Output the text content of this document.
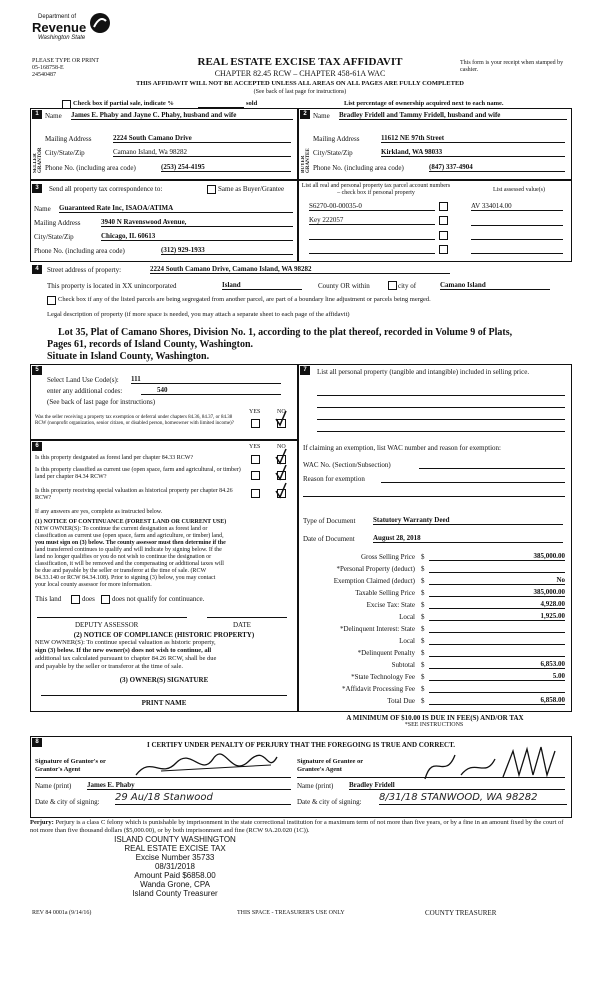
Department of
Revenue
Washington State
PLEASE TYPE OR PRINT
05-168758-E
24540487
REAL ESTATE EXCISE TAX AFFIDAVIT
CHAPTER 82.45 RCW – CHAPTER 458-61A WAC
This form is your receipt when stamped by cashier.
THIS AFFIDAVIT WILL NOT BE ACCEPTED UNLESS ALL AREAS ON ALL PAGES ARE FULLY COMPLETED
(See back of last page for instructions)
Check box if partial sale, indicate %	sold	List percentage of ownership acquired next to each name.
1
SELLER GRANTOR
Name James E. Phaby and Jayne C. Phaby, husband and wife
Mailing Address	2224 South Camano Drive
City/State/Zip	Camano Island, Wa 98282
Phone No. (including area code)	(253) 254-4195
2
BUYER GRANTEE
Name Bradley Fridell and Tammy Fridell, husband and wife
Mailing Address	11612 NE 97th Street
City/State/Zip	Kirkland, WA 98033
Phone No. (including area code)	(847) 337-4904
3	Send all property tax correspondence to:	Same as Buyer/Grantee
Name Guaranteed Rate Inc, ISAOA/ATIMA
Mailing Address	3940 N Ravenswood Avenue,
City/State/Zip	Chicago, IL 60613
Phone No. (including area code)	(312) 929-1933
List all real and personal property tax parcel account numbers – check box if personal property	List assessed value(s)
S6270-00-00035-0	AV 334014.00
Key 222057
4	Street address of property:	2224 South Camano Drive, Camano Island, WA 98282
This property is located in XX unincorporated	Island	County OR within	city of	Camano Island
Check box if any of the listed parcels are being segregated from another parcel, are part of a boundary line adjustment or parcels being merged.
Legal description of property (if more space is needed, you may attach a separate sheet to each page of the affidavit)
Lot 35, Plat of Camano Shores, Division No. 1, according to the plat thereof, recorded in Volume 9 of Plats,
Pages 61, records of Island County, Washington.
Situate in Island County, Washington.
5
Select Land Use Code(s): 111
enter any additional codes:	540
(See back of last page for instructions)
YES	NO
Was the seller receiving a property tax exemption or deferral under chapters 84.36, 84.37, or 84.38 RCW (nonprofit organization, senior citizen, or disabled person, homeowner with limited income)?
6	YES	NO
Is this property designated as forest land per chapter 84.33 RCW?
Is this property classified as current use (open space, farm and agricultural, or timber) land per chapter 84.34 RCW?
Is this property receiving special valuation as historical property per chapter 84.26 RCW?
If any answers are yes, complete as instructed below.
(1) NOTICE OF CONTINUANCE (FOREST LAND OR CURRENT USE)
NEW OWNER(S): To continue the current designation as forest land or
classification as current use (open space, farm and agriculture, or timber) land,
you must sign on (3) below. The county assessor must then determine if the
land transferred continues to qualify and will indicate by signing below. If the
land no longer qualifies or you do not wish to continue the designation or
classification, it will be removed and the compensating or additional taxes will
be due and payable by the seller or transferor at the time of sale. (RCW
84.33.140 or RCW 84.34.108). Prior to signing (3) below, you may contact
your local county assessor for more information.
This land	does does not qualify for continuance.
DEPUTY ASSESSOR	DATE
(2) NOTICE OF COMPLIANCE (HISTORIC PROPERTY)
NEW OWNER(S): To continue special valuation as historic property,
sign (3) below. If the new owner(s) does not wish to continue, all
additional tax calculated pursuant to chapter 84.26 RCW, shall be due
and payable by the seller or transferor at the time of sale.
(3) OWNER(S) SIGNATURE
PRINT NAME
7	List all personal property (tangible and intangible) included in selling price.
If claiming an exemption, list WAC number and reason for exemption:
WAC No. (Section/Subsection)
Reason for exemption
Type of Document	Statutory Warranty Deed
Date of Document	August 28, 2018
Gross Selling Price $	385,000.00
*Personal Property (deduct) $
Exemption Claimed (deduct) $	No
Taxable Selling Price $	385,000.00
Excise Tax: State $	4,928.00
Local $	1,925.00
*Delinquent Interest: State $
Local $
*Delinquent Penalty $
Subtotal $	6,853.00
*State Technology Fee $	5.00
*Affidavit Processing Fee $
Total Due $	6,858.00
A MINIMUM OF $10.00 IS DUE IN FEE(S) AND/OR TAX
*SEE INSTRUCTIONS
8	I CERTIFY UNDER PENALTY OF PERJURY THAT THE FOREGOING IS TRUE AND CORRECT.
Signature of Grantor's or Grantor's Agent
Name (print) James E. Phaby
Date & city of signing: 29 Au/18 Stanwood
Signature of Grantee or Grantee's Agent
Name (print) Bradley Fridell
Date & city of signing: 8/31/18 STANWOOD, WA 98282
Perjury: Perjury is a class C felony which is punishable by imprisonment in the state correctional institution for a maximum term of not more than five years, or by a fine in an amount fixed by the court of not more than five thousand dollars ($5,000.00), or by both imprisonment and fine (RCW 9A.20.020 (1C)).
ISLAND COUNTY WASHINGTON
REAL ESTATE EXCISE TAX
Excise Number 35733
08/31/2018
Amount Paid $6858.00
Wanda Grone, CPA
Island County Treasurer
REV 84 0001a (9/14/16)	THIS SPACE - TREASURER'S USE ONLY	COUNTY TREASURER
